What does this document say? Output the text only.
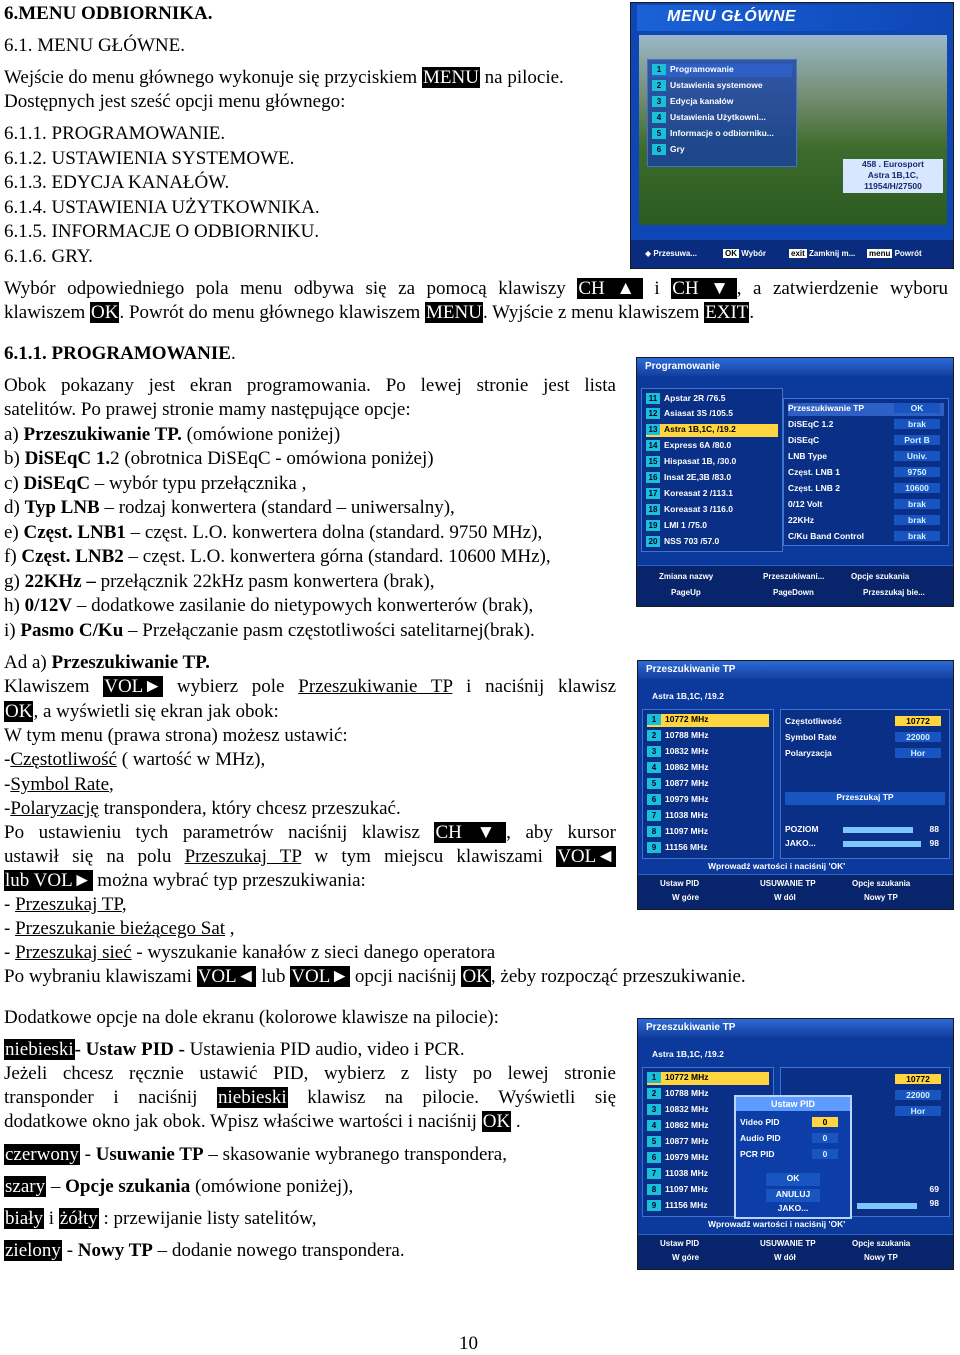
6.MENU ODBIORNIKA.
6.1. MENU GŁÓWNE.
Wejście do menu głównego wykonuje się przyciskiem MENU na pilocie.
Dostępnych jest sześć opcji menu głównego:
6.1.1. PROGRAMOWANIE.
6.1.2. USTAWIENIA SYSTEMOWE.
6.1.3. EDYCJA KANAŁÓW.
6.1.4. USTAWIENIA UŻYTKOWNIKA.
6.1.5. INFORMACJE O ODBIORNIKU.
6.1.6. GRY.
Wybór odpowiedniego pola menu odbywa się za pomocą klawiszy CH ▲ i CH ▼, a zatwierdzenie wyboru
klawiszem OK. Powrót do menu głównego klawiszem MENU. Wyjście z menu klawiszem EXIT.
6.1.1. PROGRAMOWANIE.
Obok pokazany jest ekran programowania. Po lewej stronie jest lista
satelitów. Po prawej stronie mamy następujące opcje:
a) Przeszukiwanie TP. (omówione poniżej)
b) DiSEqC 1.2 (obrotnica DiSEqC - omówiona poniżej)
c) DiSEqC – wybór typu przełącznika ,
d) Typ LNB – rodzaj konwertera (standard – uniwersalny),
e) Częst. LNB1 – częst. L.O. konwertera dolna (standard. 9750 MHz),
f) Częst. LNB2 – częst. L.O. konwertera górna (standard. 10600 MHz),
g) 22KHz – przełącznik 22kHz pasm konwertera (brak),
h) 0/12V – dodatkowe zasilanie do nietypowych konwerterów (brak),
i) Pasmo C/Ku – Przełączanie pasm częstotliwości satelitarnej(brak).
Ad a) Przeszukiwanie TP.
Klawiszem VOL► wybierz pole Przeszukiwanie TP i naciśnij klawisz
OK, a wyświetli się ekran jak obok:
W tym menu (prawa strona) możesz ustawić:
-Częstotliwość ( wartość w MHz),
-Symbol Rate,
-Polaryzację transpondera, który chcesz przeszukać.
Po ustawieniu tych parametrów naciśnij klawisz CH ▼, aby kursor
ustawił się na polu Przeszukaj TP w tym miejscu klawiszami VOL◄
lub VOL► można wybrać typ przeszukiwania:
- Przeszukaj TP,
- Przeszukanie bieżącego Sat ,
- Przeszukaj sieć - wyszukanie kanałów z sieci danego operatora
Po wybraniu klawiszami VOL◄ lub VOL► opcji naciśnij OK, żeby rozpocząć przeszukiwanie.
Dodatkowe opcje na dole ekranu (kolorowe klawisze na pilocie):
niebieski- Ustaw PID - Ustawienia PID audio, video i PCR.
Jeżeli chcesz ręcznie ustawić PID, wybierz z listy po lewej stronie
transponder i naciśnij niebieski klawisz na pilocie. Wyświetli się
dodatkowe okno jak obok. Wpisz właściwe wartości i naciśnij OK .
czerwony - Usuwanie TP – skasowanie wybranego transpondera,
szary – Opcje szukania (omówione poniżej),
biały i żółty : przewijanie listy satelitów,
zielony - Nowy TP – dodanie nowego transpondera.
10
MENU GŁÓWNE
1 Programowanie
2 Ustawienia systemowe
3 Edycja kanałów
4 Ustawienia Użytkowni...
5 Informacje o odbiorniku...
6 Gry
458 . Eurosport
Astra 1B,1C,
11954/H/27500
◆ Przesuwa...	OK Wybór	exit Zamknij m... menu Powrót
Programowanie
11 Apstar 2R /76.5
12 Asiasat 3S /105.5
13 Astra 1B,1C, /19.2
14 Express 6A /80.0
15 Hispasat 1B, /30.0
16 Insat 2E,3B /83.0
17 Koreasat 2 /113.1
18 Koreasat 3 /116.0
19 LMI 1 /75.0
20 NSS 703 /57.0
Przeszukiwanie TP	OK
DiSEqC 1.2	brak
DiSEqC	Port B
LNB Type	Univ.
Częst. LNB 1	9750
Częst. LNB 2	10600
0/12 Volt	brak
22KHz	brak
C/Ku Band Control	brak
Zmiana nazwy	Przeszukiwani...	Opcje szukania
PageUp	PageDown	Przeszukaj bie...
Przeszukiwanie TP
Astra 1B,1C, /19.2
1 10772 MHz
2 10788 MHz
3 10832 MHz
4 10862 MHz
5 10877 MHz
6 10979 MHz
7 11038 MHz
8 11097 MHz
9 11156 MHz
Częstotliwość	10772
Symbol Rate	22000
Polaryzacja	Hor
Przeszukaj TP
POZIOM	88
JAKO...	98
Wprowadź wartości i naciśnij 'OK'
Ustaw PID	USUWANIE TP	Opcje szukania
W góre	W dól	Nowy TP
Przeszukiwanie TP
Astra 1B,1C, /19.2
1 10772 MHz
2 10788 MHz
3 10832 MHz
4 10862 MHz
5 10877 MHz
6 10979 MHz
7 11038 MHz
8 11097 MHz
9 11156 MHz
10772
22000
Hor
69
98
Ustaw PID
Video PID	0
Audio PID	0
PCR PID	0
OK
ANULUJ
JAKO...
Wprowadź wartości i naciśnij 'OK'
Ustaw PID	USUWANIE TP	Opcje szukania
W góre	W dół	Nowy TP
